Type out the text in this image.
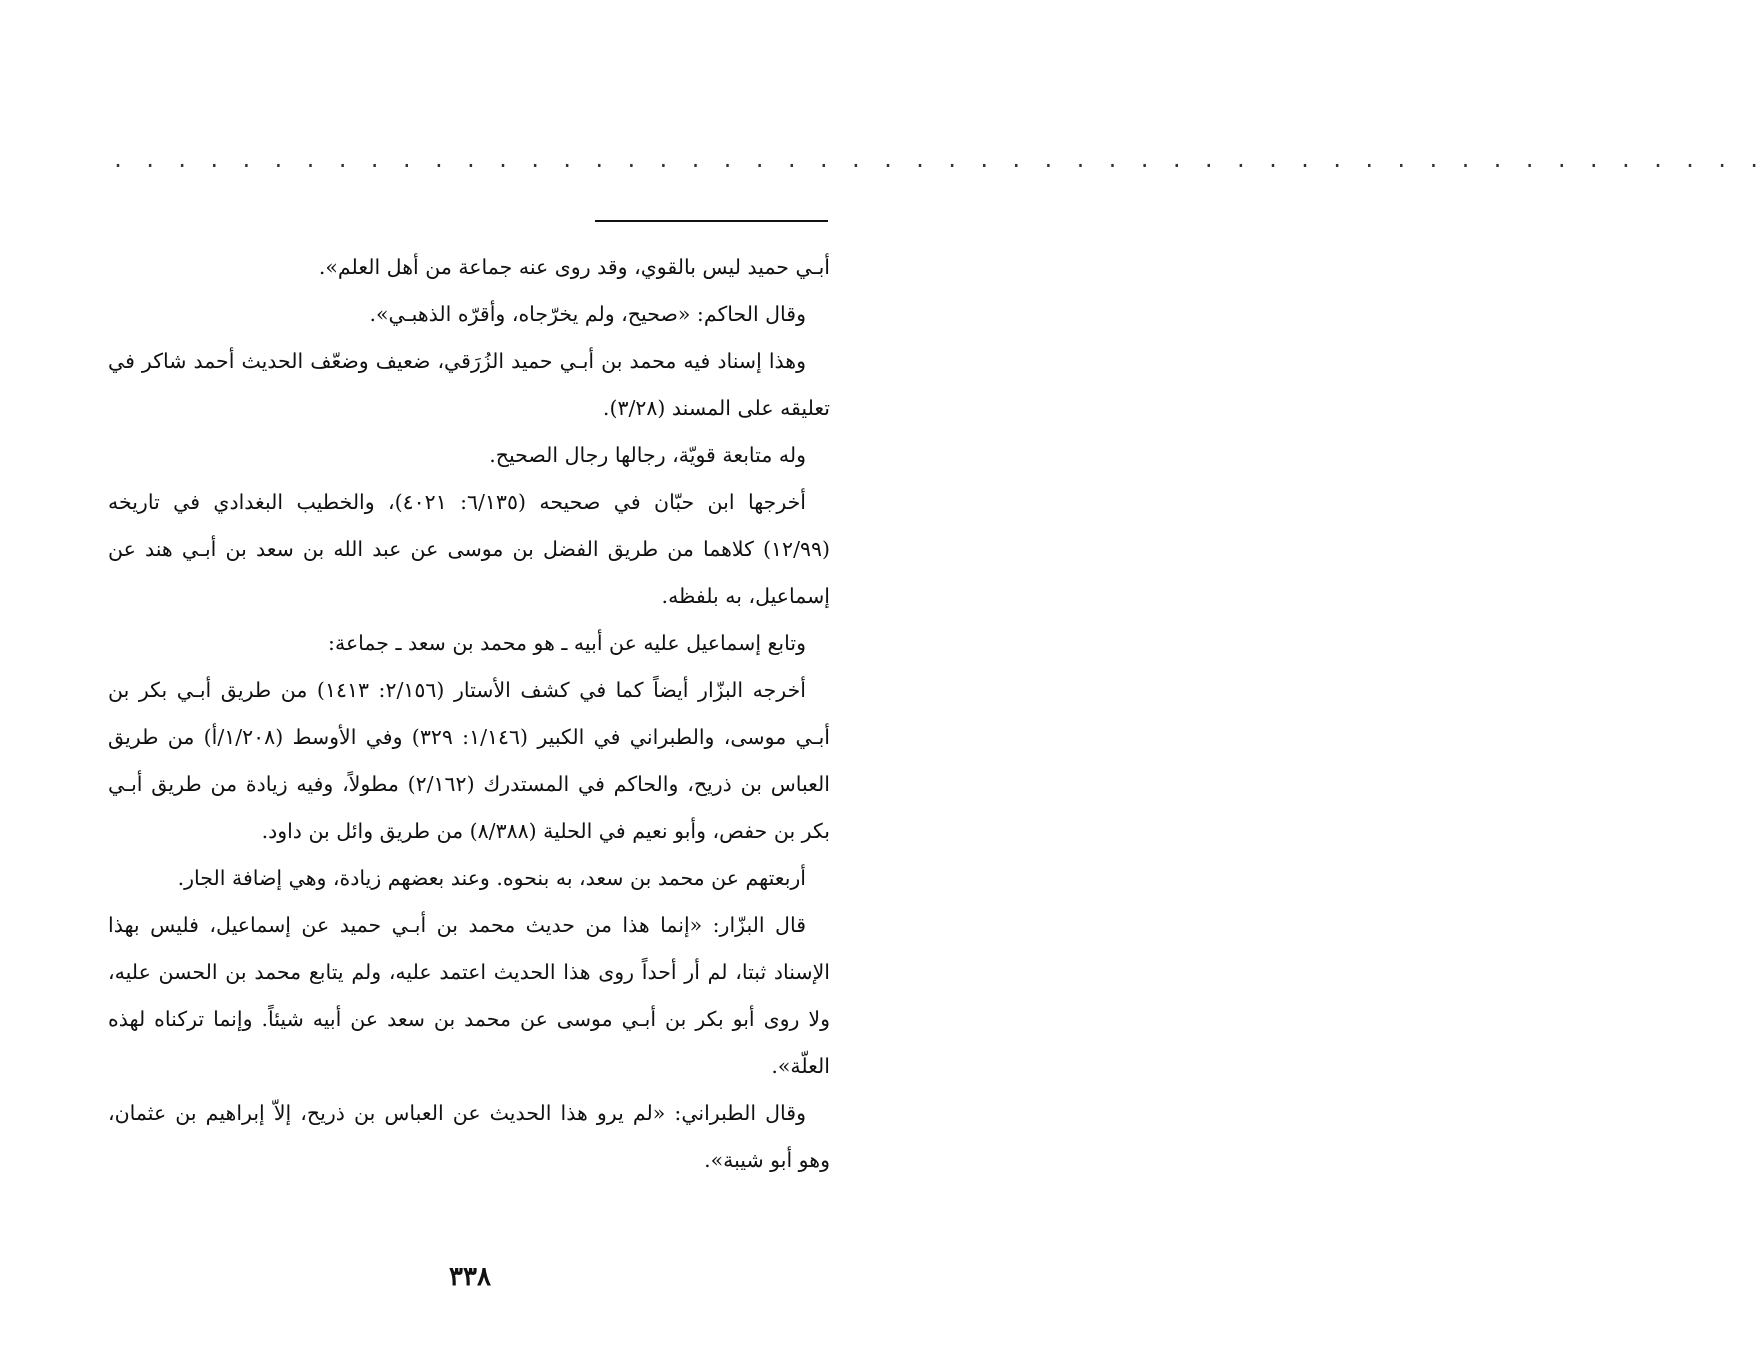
. . . . . . . . . . . . . . . . . . . . . . . . . . . . . . . . . . . . . . . . . . . . . . . . . . . .

أبـي حميد ليس بالقوي، وقد روى عنه جماعة من أهل العلم».

وقال الحاكم: «صحيح، ولم يخرّجاه، وأقرّه الذهبـي».

وهذا إسناد فيه محمد بن أبـي حميد الزُرَقي، ضعيف وضعّف الحديث أحمد شاكر في تعليقه على المسند (٣/٢٨).

وله متابعة قويّة، رجالها رجال الصحيح.

أخرجها ابن حبّان في صحيحه (٦/١٣٥: ٤٠٢١)، والخطيب البغدادي في تاريخه (١٢/٩٩) كلاهما من طريق الفضل بن موسى عن عبد الله بن سعد بن أبـي هند عن إسماعيل، به بلفظه.

وتابع إسماعيل عليه عن أبيه ـ هو محمد بن سعد ـ جماعة:

أخرجه البزّار أيضاً كما في كشف الأستار (٢/١٥٦: ١٤١٣) من طريق أبـي بكر بن أبـي موسى، والطبراني في الكبير (١/١٤٦: ٣٢٩) وفي الأوسط (١/٢٠٨/أ) من طريق العباس بن ذريح، والحاكم في المستدرك (٢/١٦٢) مطولاً، وفيه زيادة من طريق أبـي بكر بن حفص، وأبو نعيم في الحلية (٨/٣٨٨) من طريق وائل بن داود.

أربعتهم عن محمد بن سعد، به بنحوه. وعند بعضهم زيادة، وهي إضافة الجار.

قال البزّار: «إنما هذا من حديث محمد بن أبـي حميد عن إسماعيل، فليس بهذا الإسناد ثبتا، لم أر أحداً روى هذا الحديث اعتمد عليه، ولم يتابع محمد بن الحسن عليه، ولا روى أبو بكر بن أبـي موسى عن محمد بن سعد عن أبيه شيئاً. وإنما تركناه لهذه العلّة».

وقال الطبراني: «لم يرو هذا الحديث عن العباس بن ذريح، إلاّ إبراهيم بن عثمان، وهو أبو شيبة».

٣٣٨
